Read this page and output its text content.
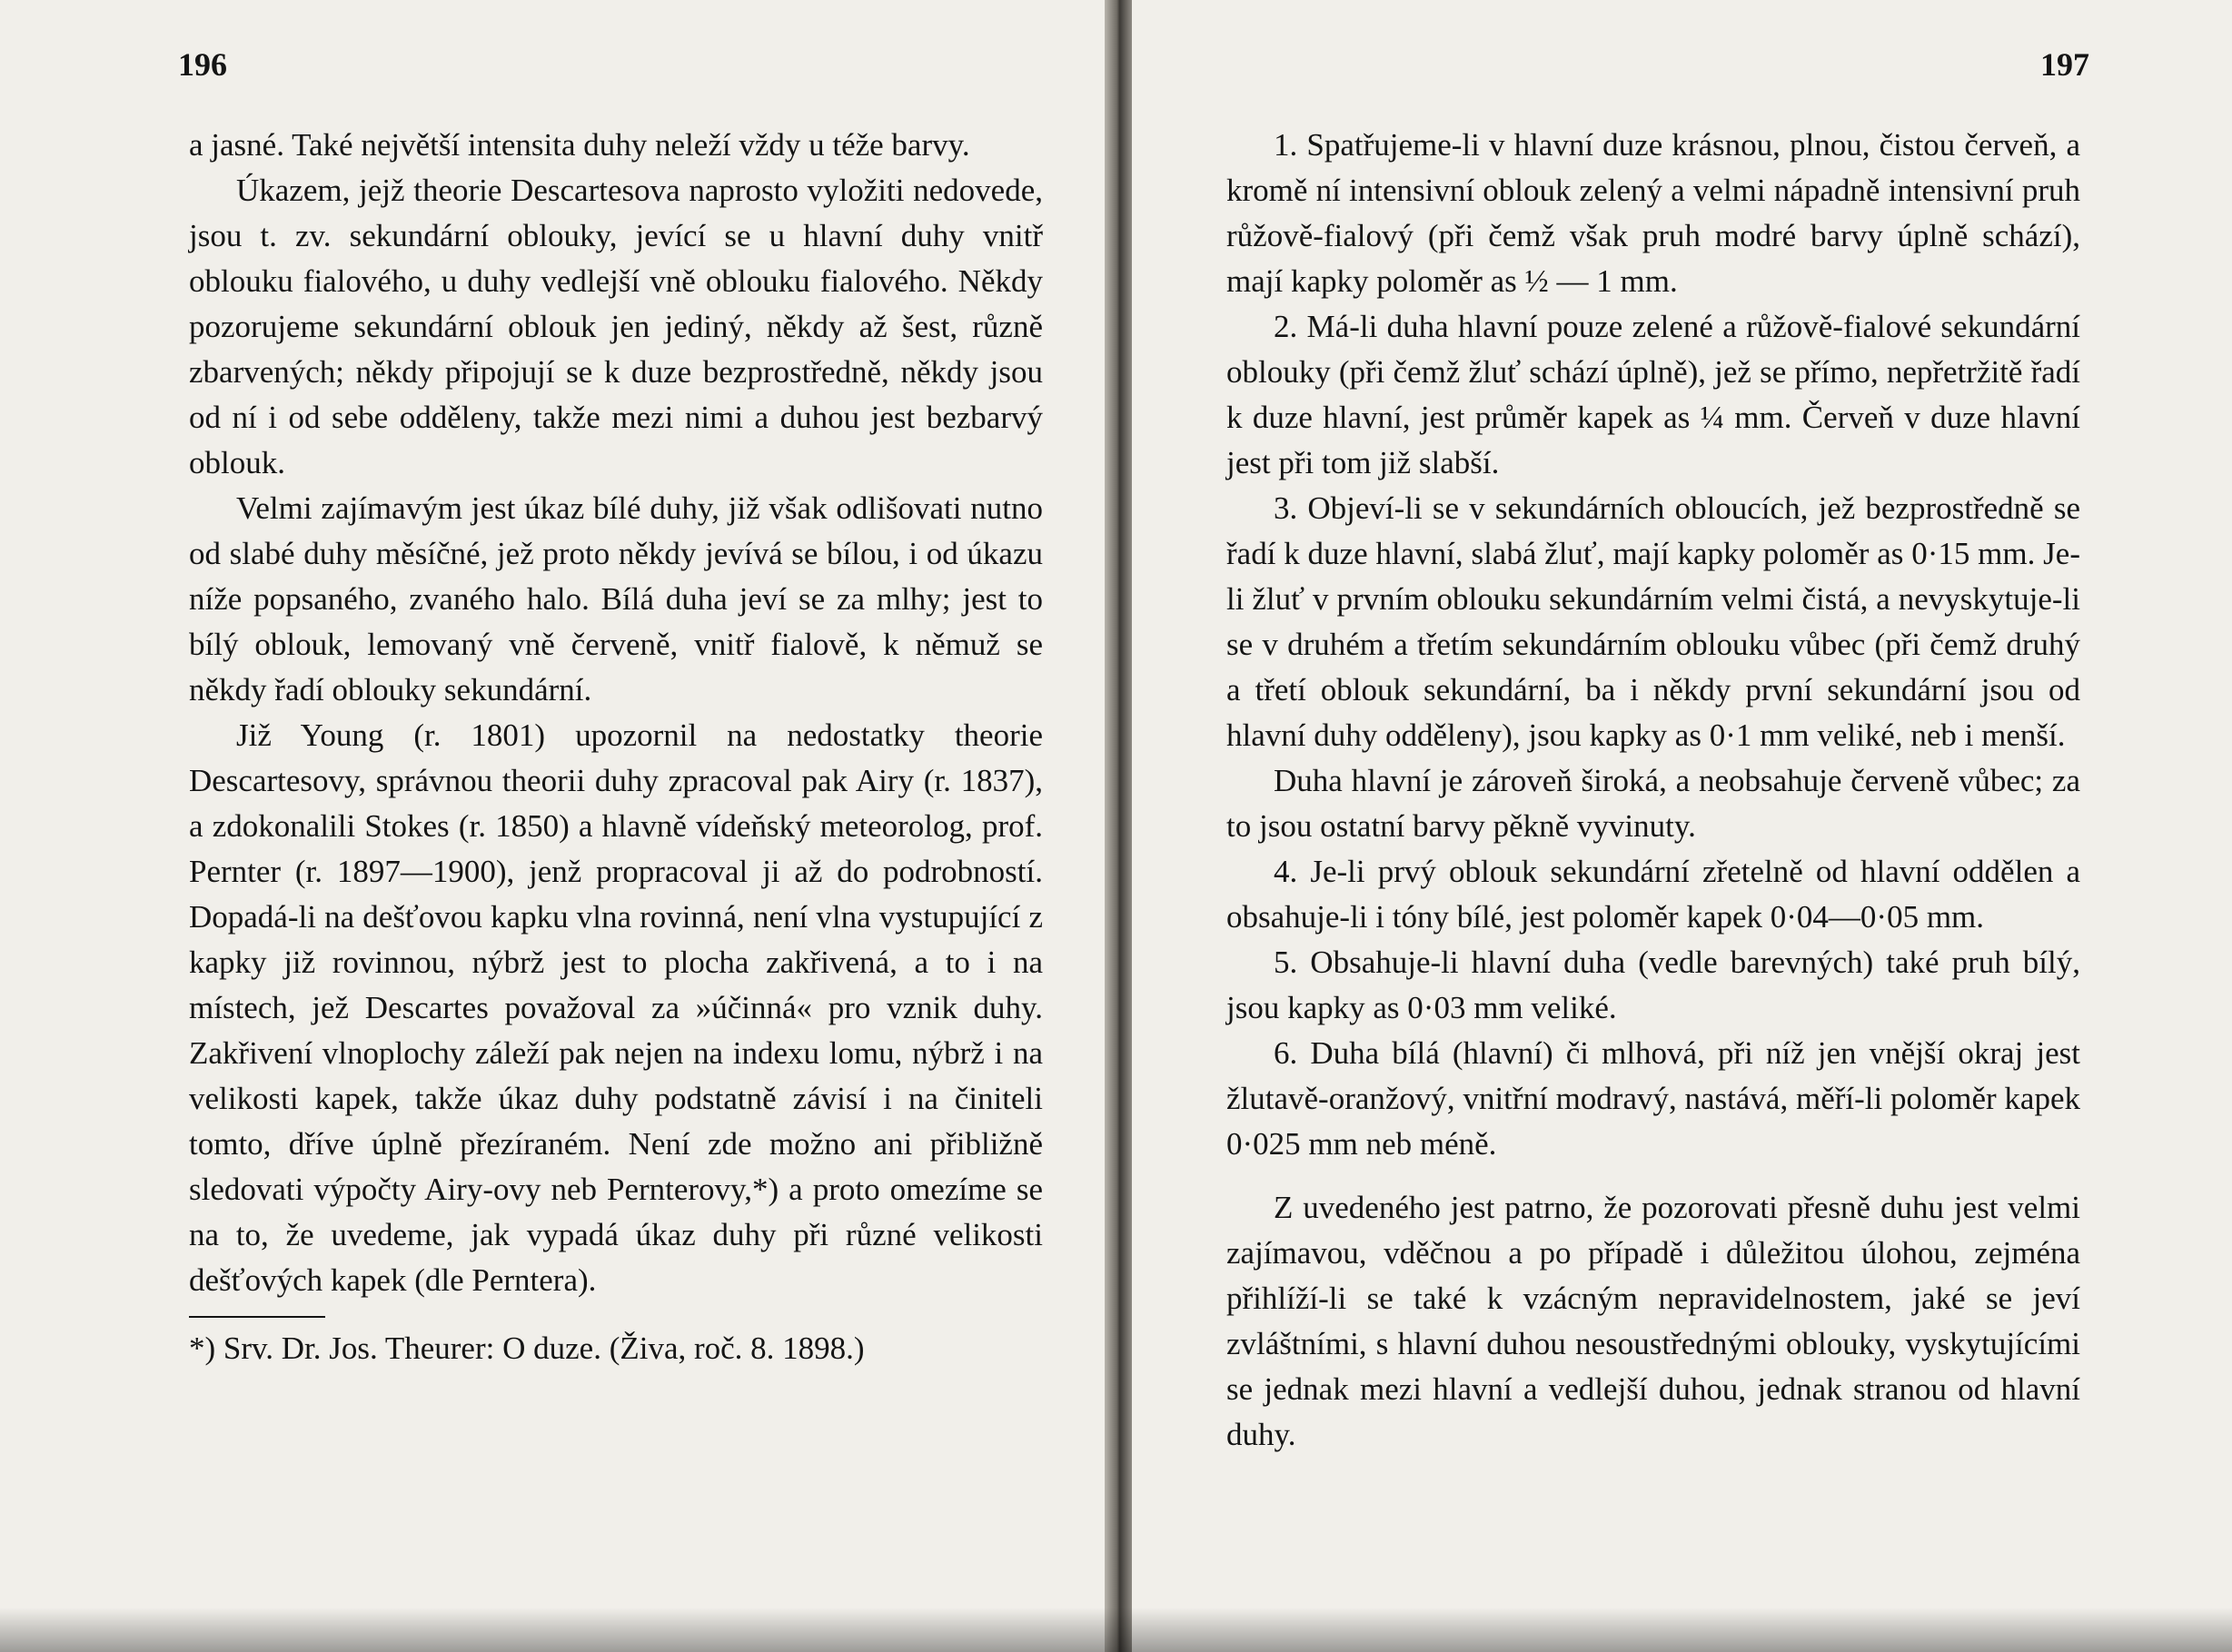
196

a jasné. Také největší intensita duhy neleží vždy u téže barvy.

Úkazem, jejž theorie Descartesova naprosto vyložiti nedovede, jsou t. zv. sekundární oblouky, jevící se u hlavní duhy vnitř oblouku fialového, u duhy vedlejší vně oblouku fialového. Někdy pozorujeme sekundární oblouk jen jediný, někdy až šest, různě zbarvených; někdy připojují se k duze bezprostředně, někdy jsou od ní i od sebe odděleny, takže mezi nimi a duhou jest bezbarvý oblouk.

Velmi zajímavým jest úkaz bílé duhy, již však odlišovati nutno od slabé duhy měsíčné, jež proto někdy jevívá se bílou, i od úkazu níže popsaného, zvaného halo. Bílá duha jeví se za mlhy; jest to bílý oblouk, lemovaný vně červeně, vnitř fialově, k němuž se někdy řadí oblouky sekundární.

Již Young (r. 1801) upozornil na nedostatky theorie Descartesovy, správnou theorii duhy zpracoval pak Airy (r. 1837), a zdokonalili Stokes (r. 1850) a hlavně vídeňský meteorolog, prof. Pernter (r. 1897—1900), jenž propracoval ji až do podrobností. Dopadá-li na dešťovou kapku vlna rovinná, není vlna vystupující z kapky již rovinnou, nýbrž jest to plocha zakřivená, a to i na místech, jež Descartes považoval za »účinná« pro vznik duhy. Zakřivení vlnoplochy záleží pak nejen na indexu lomu, nýbrž i na velikosti kapek, takže úkaz duhy podstatně závisí i na činiteli tomto, dříve úplně přezíraném. Není zde možno ani přibližně sledovati výpočty Airy-ovy neb Pernterovy,*) a proto omezíme se na to, že uvedeme, jak vypadá úkaz duhy při různé velikosti dešťových kapek (dle Perntera).

*) Srv. Dr. Jos. Theurer: O duze. (Živa, roč. 8. 1898.)

197

1. Spatřujeme-li v hlavní duze krásnou, plnou, čistou červeň, a kromě ní intensivní oblouk zelený a velmi nápadně intensivní pruh růžově-fialový (při čemž však pruh modré barvy úplně schází), mají kapky poloměr as ½ — 1 mm.

2. Má-li duha hlavní pouze zelené a růžově-fialové sekundární oblouky (při čemž žluť schází úplně), jež se přímo, nepřetržitě řadí k duze hlavní, jest průměr kapek as ¼ mm. Červeň v duze hlavní jest při tom již slabší.

3. Objeví-li se v sekundárních obloucích, jež bezprostředně se řadí k duze hlavní, slabá žluť, mají kapky poloměr as 0·15 mm. Je-li žluť v prvním oblouku sekundárním velmi čistá, a nevyskytuje-li se v druhém a třetím sekundárním oblouku vůbec (při čemž druhý a třetí oblouk sekundární, ba i někdy první sekundární jsou od hlavní duhy odděleny), jsou kapky as 0·1 mm veliké, neb i menší.

Duha hlavní je zároveň široká, a neobsahuje červeně vůbec; za to jsou ostatní barvy pěkně vyvinuty.

4. Je-li prvý oblouk sekundární zřetelně od hlavní oddělen a obsahuje-li i tóny bílé, jest poloměr kapek 0·04—0·05 mm.

5. Obsahuje-li hlavní duha (vedle barevných) také pruh bílý, jsou kapky as 0·03 mm veliké.

6. Duha bílá (hlavní) či mlhová, při níž jen vnější okraj jest žlutavě-oranžový, vnitřní modravý, nastává, měří-li poloměr kapek 0·025 mm neb méně.

Z uvedeného jest patrno, že pozorovati přesně duhu jest velmi zajímavou, vděčnou a po případě i důležitou úlohou, zejména přihlíží-li se také k vzácným nepravidelnostem, jaké se jeví zvláštními, s hlavní duhou nesoustřednými oblouky, vyskytujícími se jednak mezi hlavní a vedlejší duhou, jednak stranou od hlavní duhy.
